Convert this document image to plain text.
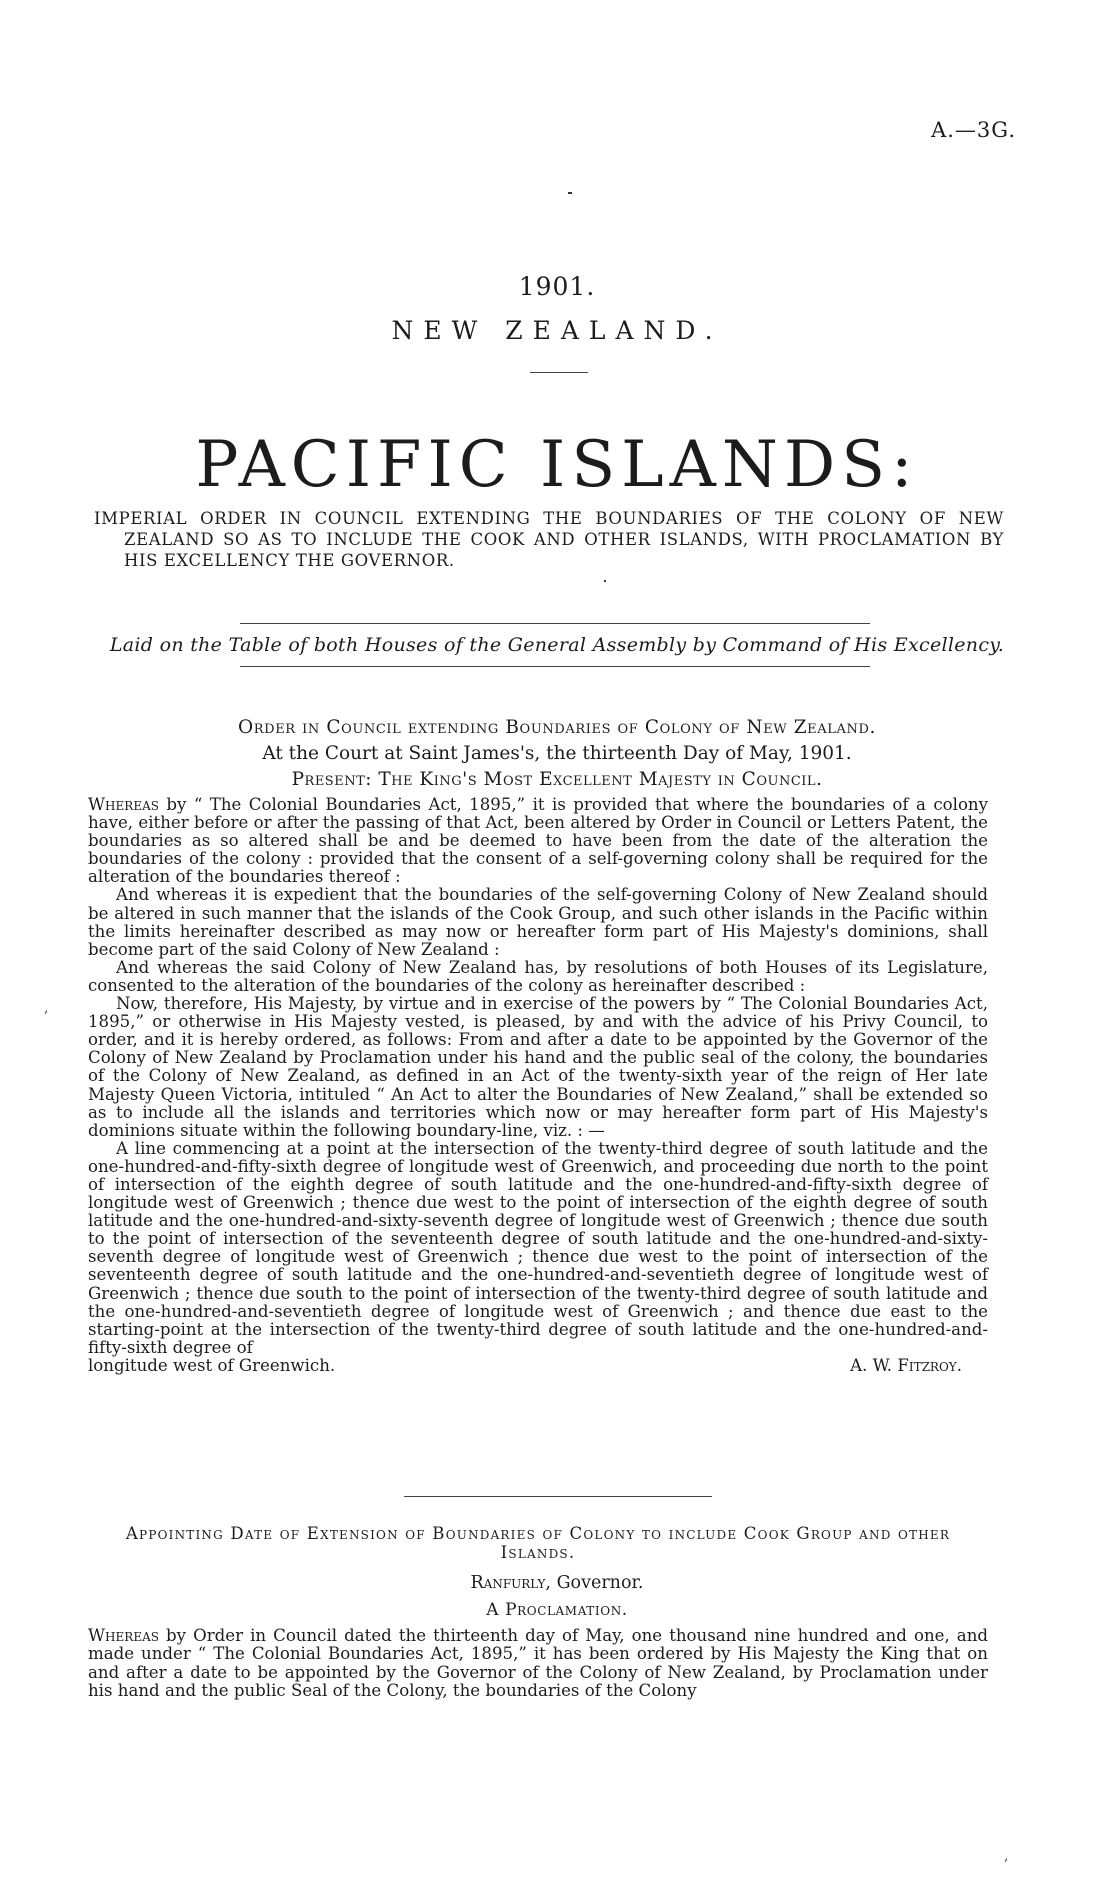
A.—3G.
1901.
NEW ZEALAND.
PACIFIC ISLANDS:
IMPERIAL ORDER IN COUNCIL EXTENDING THE BOUNDARIES OF THE COLONY OF NEW ZEALAND SO AS TO INCLUDE THE COOK AND OTHER ISLANDS, WITH PROCLAMATION BY HIS EXCELLENCY THE GOVERNOR.
Laid on the Table of both Houses of the General Assembly by Command of His Excellency.
Order in Council extending Boundaries of Colony of New Zealand.
At the Court at Saint James's, the thirteenth Day of May, 1901.
Present: The King's Most Excellent Majesty in Council.

Whereas by “ The Colonial Boundaries Act, 1895,” it is provided that where the boundaries of a colony have, either before or after the passing of that Act, been altered by Order in Council or Letters Patent, the boundaries as so altered shall be and be deemed to have been from the date of the alteration the boundaries of the colony : provided that the consent of a self-governing colony shall be required for the alteration of the boundaries thereof :

And whereas it is expedient that the boundaries of the self-governing Colony of New Zealand should be altered in such manner that the islands of the Cook Group, and such other islands in the Pacific within the limits hereinafter described as may now or hereafter form part of His Majesty's dominions, shall become part of the said Colony of New Zealand :

And whereas the said Colony of New Zealand has, by resolutions of both Houses of its Legislature, consented to the alteration of the boundaries of the colony as hereinafter described :

Now, therefore, His Majesty, by virtue and in exercise of the powers by “ The Colonial Boundaries Act, 1895,” or otherwise in His Majesty vested, is pleased, by and with the advice of his Privy Council, to order, and it is hereby ordered, as follows: From and after a date to be appointed by the Governor of the Colony of New Zealand by Proclamation under his hand and the public seal of the colony, the boundaries of the Colony of New Zealand, as defined in an Act of the twenty-sixth year of the reign of Her late Majesty Queen Victoria, intituled “ An Act to alter the Boundaries of New Zealand,” shall be extended so as to include all the islands and territories which now or may hereafter form part of His Majesty's dominions situate within the following boundary-line, viz. : —

A line commencing at a point at the intersection of the twenty-third degree of south latitude and the one-hundred-and-fifty-sixth degree of longitude west of Greenwich, and proceeding due north to the point of intersection of the eighth degree of south latitude and the one-hundred-and-fifty-sixth degree of longitude west of Greenwich ; thence due west to the point of intersection of the eighth degree of south latitude and the one-hundred-and-sixty-seventh degree of longitude west of Greenwich ; thence due south to the point of intersection of the seventeenth degree of south latitude and the one-hundred-and-sixty-seventh degree of longitude west of Greenwich ; thence due west to the point of intersection of the seventeenth degree of south latitude and the one-hundred-and-seventieth degree of longitude west of Greenwich ; thence due south to the point of intersection of the twenty-third degree of south latitude and the one-hundred-and-seventieth degree of longitude west of Greenwich ; and thence due east to the starting-point at the intersection of the twenty-third degree of south latitude and the one-hundred-and-fifty-sixth degree of

longitude west of Greenwich.	A. W. Fitzroy.
,
Appointing Date of Extension of Boundaries of Colony to include Cook Group and other Islands.
Ranfurly, Governor.
A Proclamation.

Whereas by Order in Council dated the thirteenth day of May, one thousand nine hundred and one, and made under “ The Colonial Boundaries Act, 1895,” it has been ordered by His Majesty the King that on and after a date to be appointed by the Governor of the Colony of New Zealand, by Proclamation under his hand and the public Seal of the Colony, the boundaries of the Colony

,
